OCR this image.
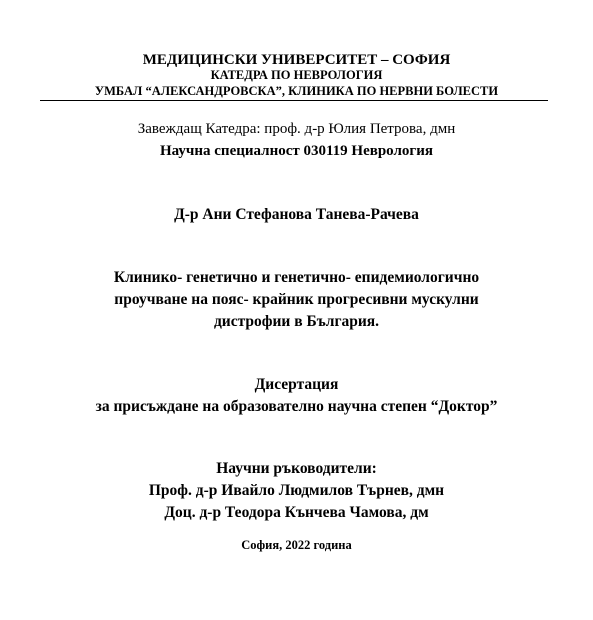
МЕДИЦИНСКИ УНИВЕРСИТЕТ – СОФИЯ
КАТЕДРА ПО НЕВРОЛОГИЯ
УМБАЛ “АЛЕКСАНДРОВСКА”, КЛИНИКА ПО НЕРВНИ БОЛЕСТИ
Завеждащ Катедра: проф. д-р Юлия Петрова, дмн
Научна специалност 030119 Неврология
Д-р Ани Стефанова Танева-Рачева
Клинико- генетично и генетично- епидемиологично
проучване на пояс- крайник прогресивни мускулни
дистрофии в България.
Дисертация
за присъждане на образователно научна степен “Доктор”
Научни ръководители:
Проф. д-р Ивайло Людмилов Търнев, дмн
Доц. д-р Теодора Кънчева Чамова, дм
София, 2022 година
